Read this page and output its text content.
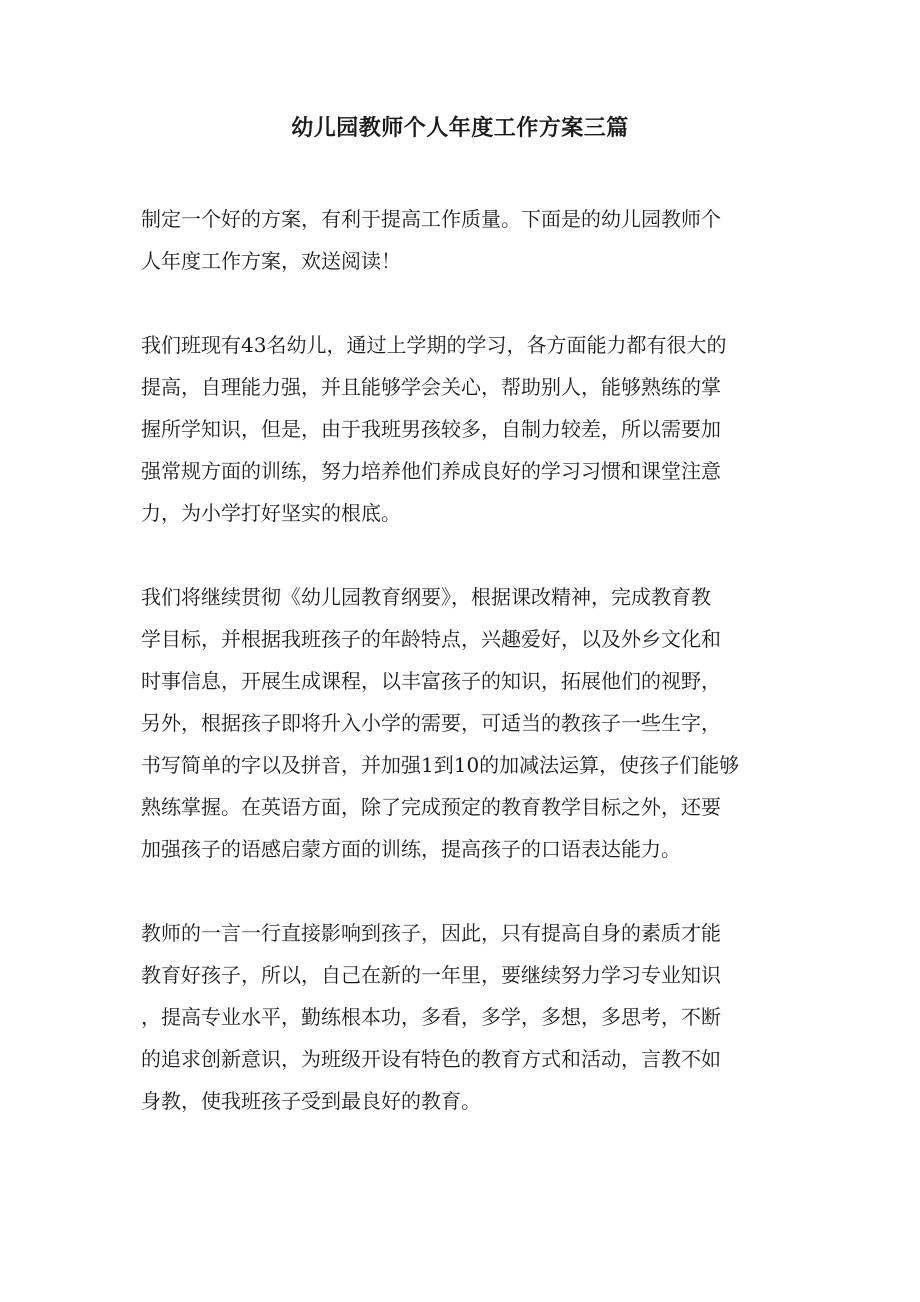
幼儿园教师个人年度工作方案三篇

制定一个好的方案，有利于提高工作质量。下面是的幼儿园教师个
人年度工作方案，欢送阅读！

我们班现有43名幼儿，通过上学期的学习，各方面能力都有很大的
提高，自理能力强，并且能够学会关心，帮助别人，能够熟练的掌
握所学知识，但是，由于我班男孩较多，自制力较差，所以需要加
强常规方面的训练，努力培养他们养成良好的学习习惯和课堂注意
力，为小学打好坚实的根底。

我们将继续贯彻《幼儿园教育纲要》，根据课改精神，完成教育教
学目标，并根据我班孩子的年龄特点，兴趣爱好，以及外乡文化和
时事信息，开展生成课程，以丰富孩子的知识，拓展他们的视野，
另外，根据孩子即将升入小学的需要，可适当的教孩子一些生字，
书写简单的字以及拼音，并加强1到10的加减法运算，使孩子们能够
熟练掌握。在英语方面，除了完成预定的教育教学目标之外，还要
加强孩子的语感启蒙方面的训练，提高孩子的口语表达能力。

教师的一言一行直接影响到孩子，因此，只有提高自身的素质才能
教育好孩子，所以，自己在新的一年里，要继续努力学习专业知识
，提高专业水平，勤练根本功，多看，多学，多想，多思考，不断
的追求创新意识，为班级开设有特色的教育方式和活动，言教不如
身教，使我班孩子受到最良好的教育。
